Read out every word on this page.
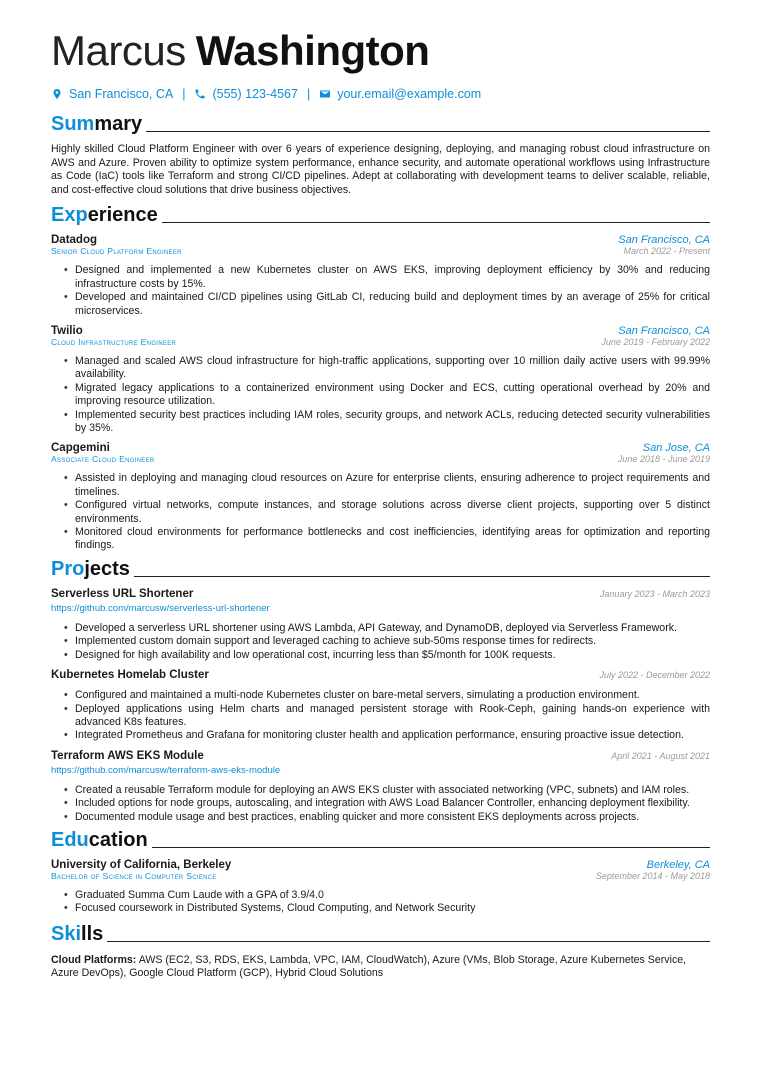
Marcus Washington
San Francisco, CA | (555) 123-4567 | your.email@example.com
Summary
Highly skilled Cloud Platform Engineer with over 6 years of experience designing, deploying, and managing robust cloud infrastructure on AWS and Azure. Proven ability to optimize system performance, enhance security, and automate operational workflows using Infrastructure as Code (IaC) tools like Terraform and strong CI/CD pipelines. Adept at collaborating with development teams to deliver scalable, reliable, and cost-effective cloud solutions that drive business objectives.
Experience
Datadog	San Francisco, CA
Senior Cloud Platform Engineer	March 2022 - Present
• Designed and implemented a new Kubernetes cluster on AWS EKS, improving deployment efficiency by 30% and reducing infrastructure costs by 15%.
• Developed and maintained CI/CD pipelines using GitLab CI, reducing build and deployment times by an average of 25% for critical microservices.
Twilio	San Francisco, CA
Cloud Infrastructure Engineer	June 2019 - February 2022
• Managed and scaled AWS cloud infrastructure for high-traffic applications, supporting over 10 million daily active users with 99.99% availability.
• Migrated legacy applications to a containerized environment using Docker and ECS, cutting operational overhead by 20% and improving resource utilization.
• Implemented security best practices including IAM roles, security groups, and network ACLs, reducing detected security vulnerabilities by 35%.
Capgemini	San Jose, CA
Associate Cloud Engineer	June 2018 - June 2019
• Assisted in deploying and managing cloud resources on Azure for enterprise clients, ensuring adherence to project requirements and timelines.
• Configured virtual networks, compute instances, and storage solutions across diverse client projects, supporting over 5 distinct environments.
• Monitored cloud environments for performance bottlenecks and cost inefficiencies, identifying areas for optimization and reporting findings.
Projects
Serverless URL Shortener	January 2023 - March 2023
https://github.com/marcusw/serverless-url-shortener
• Developed a serverless URL shortener using AWS Lambda, API Gateway, and DynamoDB, deployed via Serverless Framework.
• Implemented custom domain support and leveraged caching to achieve sub-50ms response times for redirects.
• Designed for high availability and low operational cost, incurring less than $5/month for 100K requests.
Kubernetes Homelab Cluster	July 2022 - December 2022
• Configured and maintained a multi-node Kubernetes cluster on bare-metal servers, simulating a production environment.
• Deployed applications using Helm charts and managed persistent storage with Rook-Ceph, gaining hands-on experience with advanced K8s features.
• Integrated Prometheus and Grafana for monitoring cluster health and application performance, ensuring proactive issue detection.
Terraform AWS EKS Module	April 2021 - August 2021
https://github.com/marcusw/terraform-aws-eks-module
• Created a reusable Terraform module for deploying an AWS EKS cluster with associated networking (VPC, subnets) and IAM roles.
• Included options for node groups, autoscaling, and integration with AWS Load Balancer Controller, enhancing deployment flexibility.
• Documented module usage and best practices, enabling quicker and more consistent EKS deployments across projects.
Education
University of California, Berkeley	Berkeley, CA
Bachelor of Science in Computer Science	September 2014 - May 2018
• Graduated Summa Cum Laude with a GPA of 3.9/4.0
• Focused coursework in Distributed Systems, Cloud Computing, and Network Security
Skills
Cloud Platforms: AWS (EC2, S3, RDS, EKS, Lambda, VPC, IAM, CloudWatch), Azure (VMs, Blob Storage, Azure Kubernetes Service, Azure DevOps), Google Cloud Platform (GCP), Hybrid Cloud Solutions
